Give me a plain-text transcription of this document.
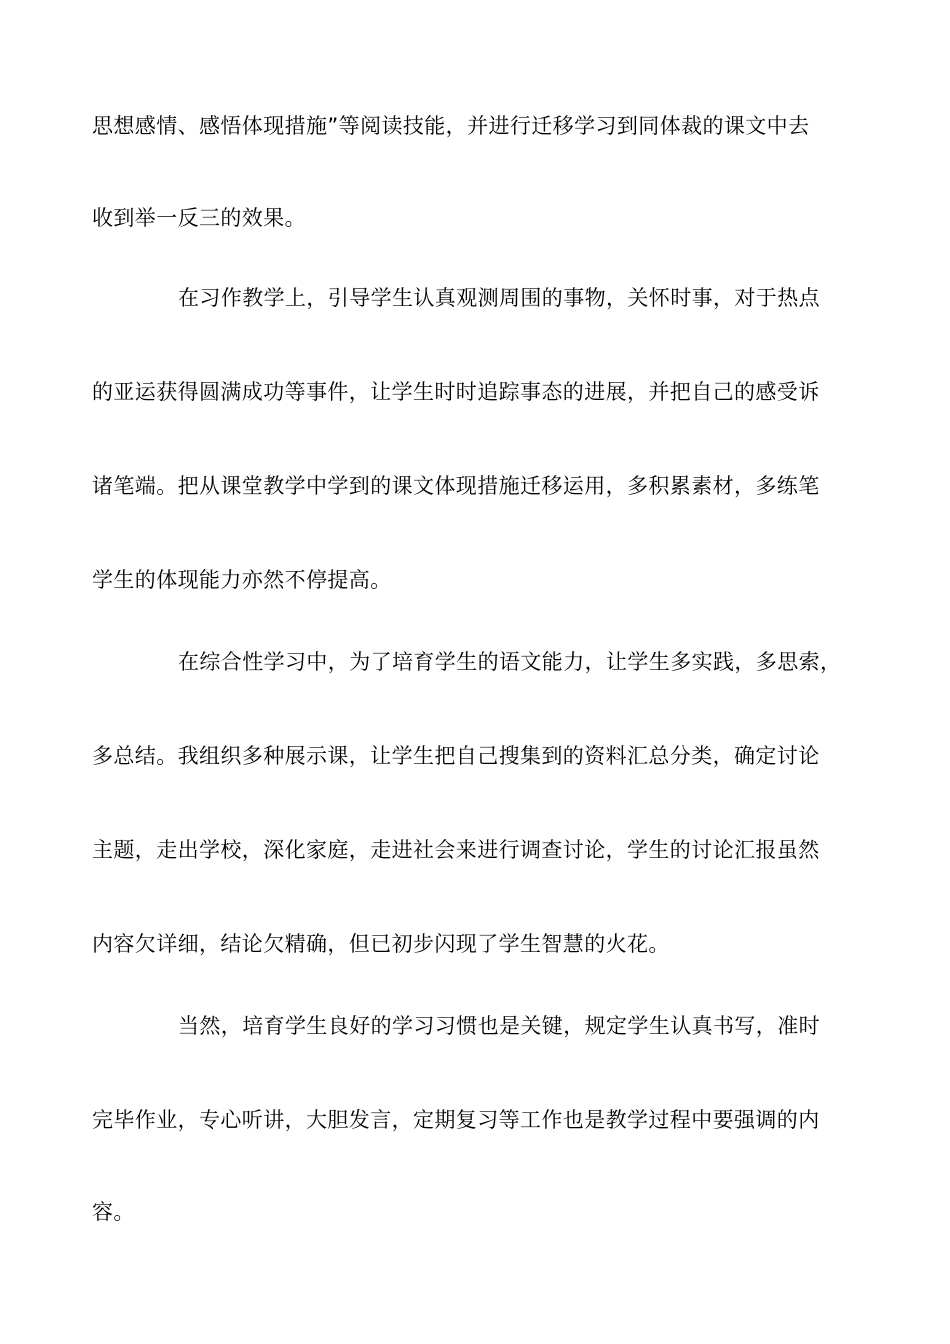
思想感情、感悟体现措施”等阅读技能，并进行迁移学习到同体裁的课文中去
收到举一反三的效果。
在习作教学上，引导学生认真观测周围的事物，关怀时事，对于热点
的亚运获得圆满成功等事件，让学生时时追踪事态的进展，并把自己的感受诉
诸笔端。把从课堂教学中学到的课文体现措施迁移运用，多积累素材，多练笔
学生的体现能力亦然不停提高。
在综合性学习中，为了培育学生的语文能力，让学生多实践，多思索，
多总结。我组织多种展示课，让学生把自己搜集到的资料汇总分类，确定讨论
主题，走出学校，深化家庭，走进社会来进行调查讨论，学生的讨论汇报虽然
内容欠详细，结论欠精确，但已初步闪现了学生智慧的火花。
当然，培育学生良好的学习习惯也是关键，规定学生认真书写，准时
完毕作业，专心听讲，大胆发言，定期复习等工作也是教学过程中要强调的内
容。
